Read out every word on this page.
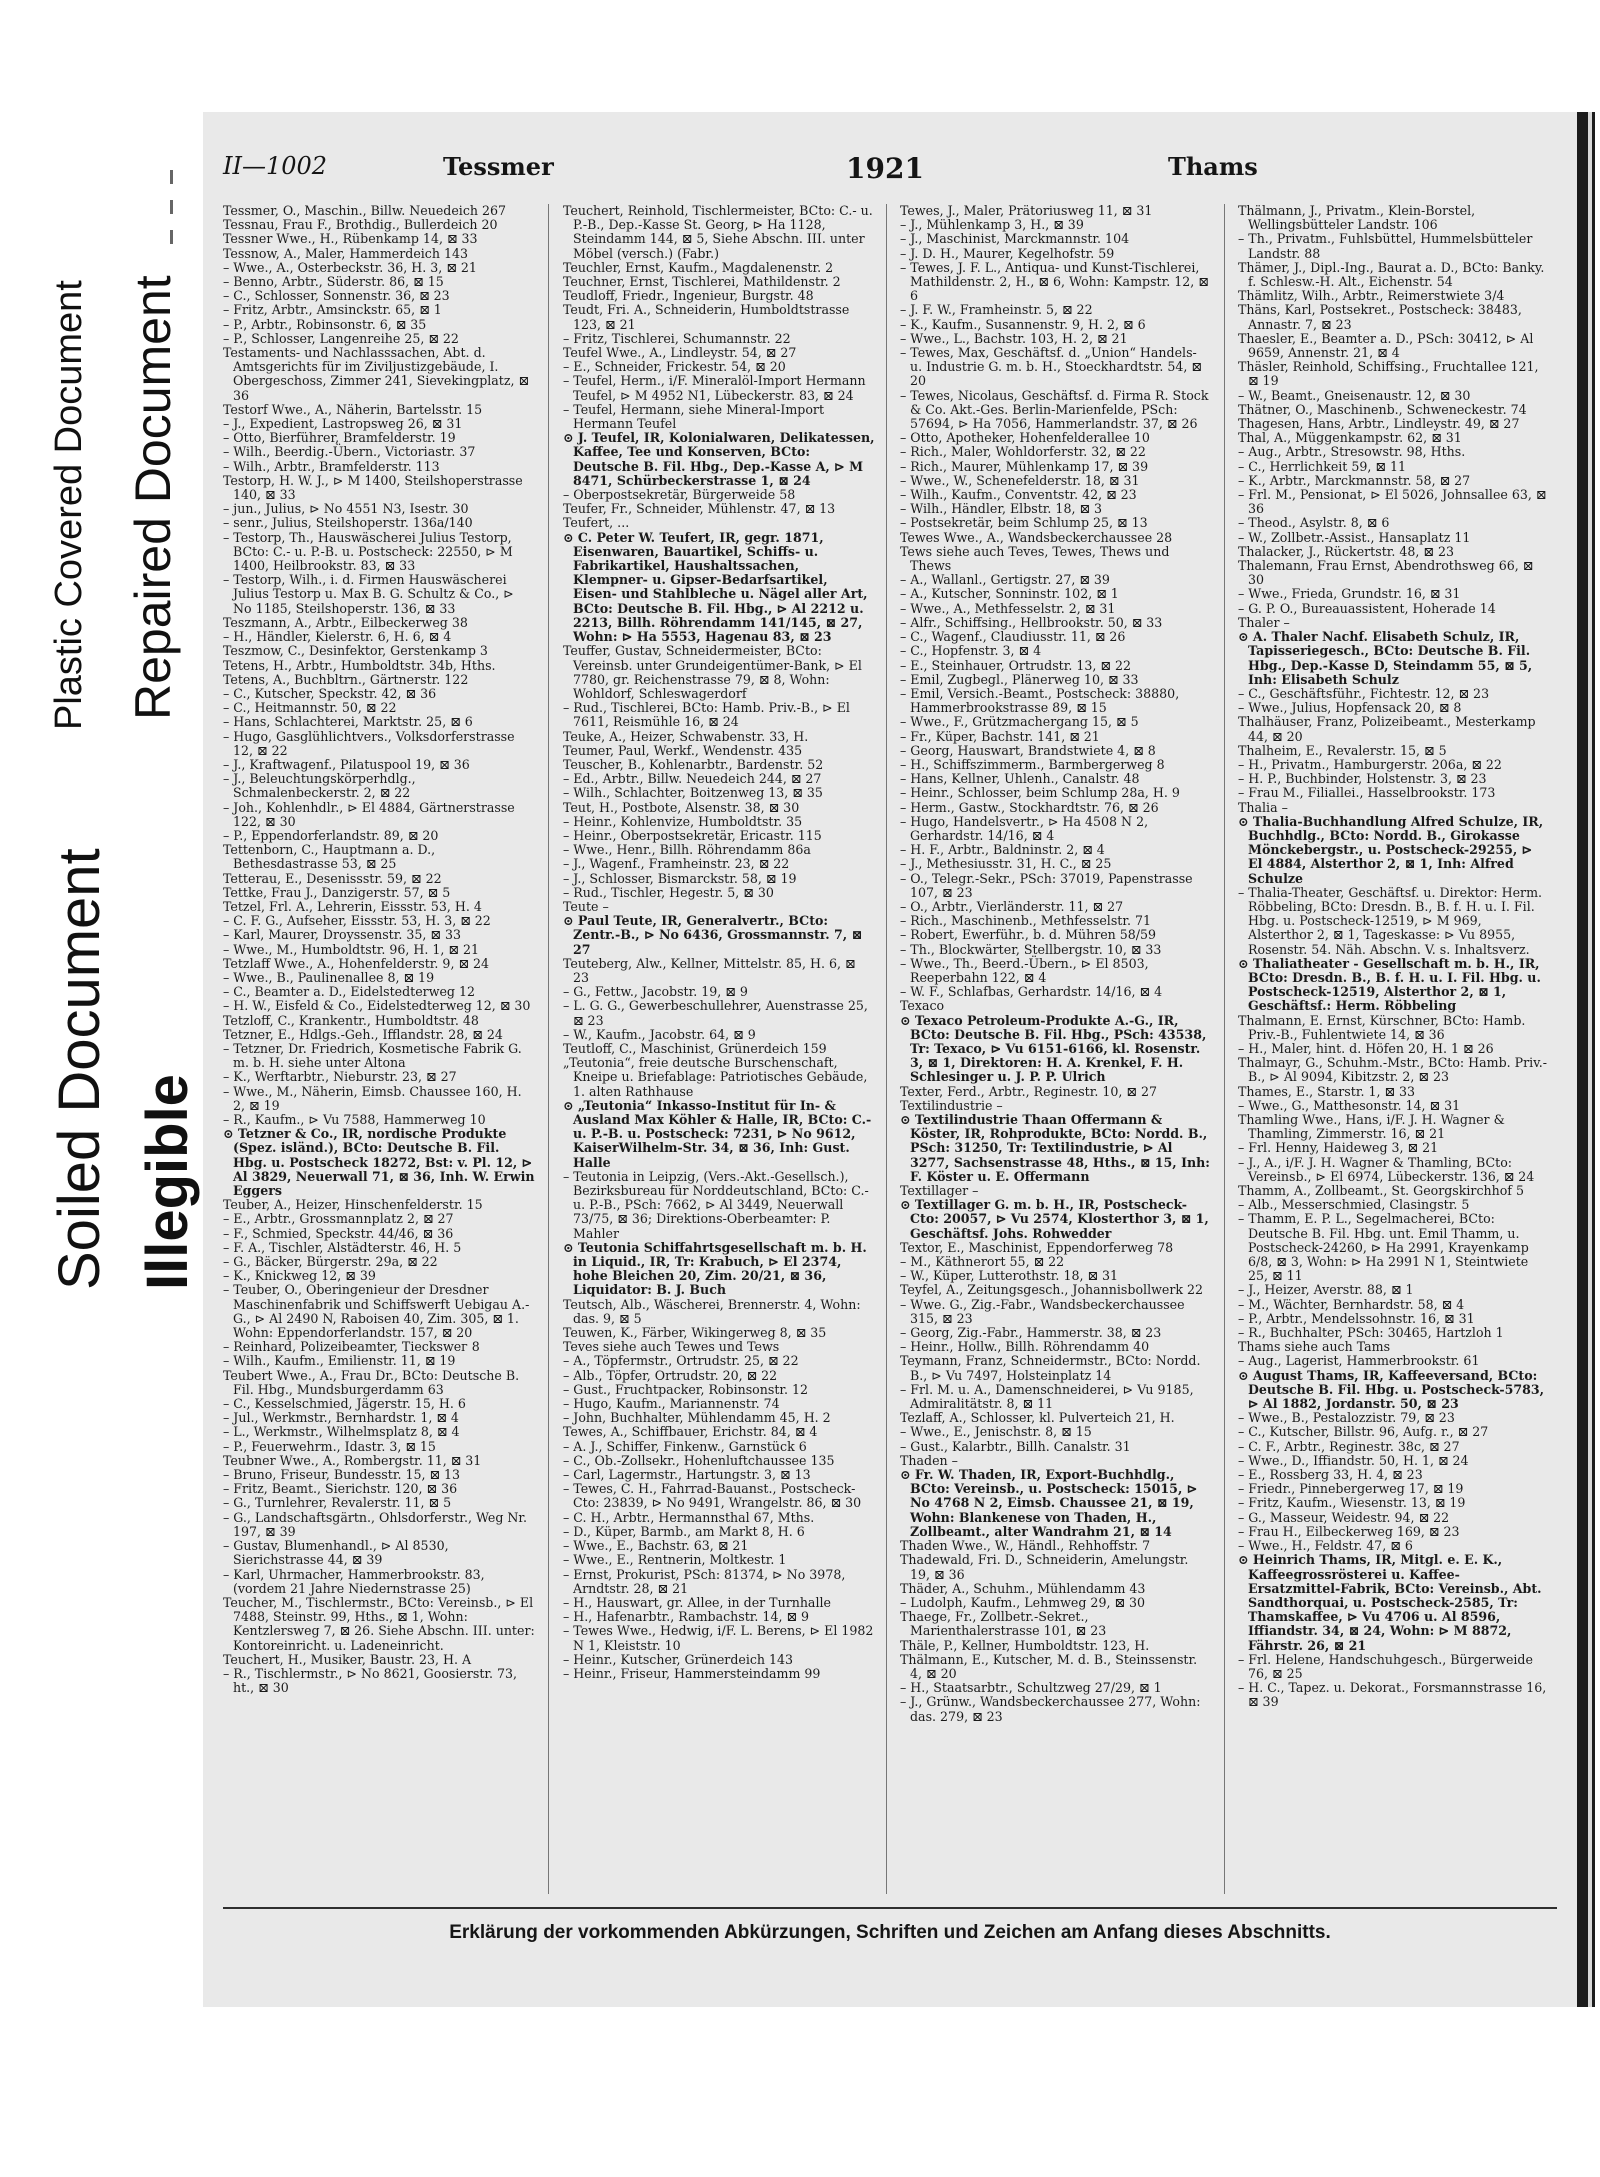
Soiled Document Illegible
Plastic Covered Document Repaired Document
II—1002	Tessmer	1921	Thams

Tessmer, O., Maschin., Billw. Neuedeich 267

Tessnau, Frau F., Brothdig., Bullerdeich 20

Tessner Wwe., H., Rübenkamp 14, ⊠ 33

Tessnow, A., Maler, Hammerdeich 143

– Wwe., A., Osterbeckstr. 36, H. 3, ⊠ 21

– Benno, Arbtr., Süderstr. 86, ⊠ 15

– C., Schlosser, Sonnenstr. 36, ⊠ 23

– Fritz, Arbtr., Amsinckstr. 65, ⊠ 1

– P., Arbtr., Robinsonstr. 6, ⊠ 35

– P., Schlosser, Langenreihe 25, ⊠ 22

Testaments- und Nachlasssachen, Abt. d. Amtsgerichts für im Ziviljustizgebäude, I. Obergeschoss, Zimmer 241, Sievekingplatz, ⊠ 36

Testorf Wwe., A., Näherin, Bartelsstr. 15

– J., Expedient, Lastropsweg 26, ⊠ 31

– Otto, Bierführer, Bramfelderstr. 19

– Wilh., Beerdig.-Übern., Victoriastr. 37

– Wilh., Arbtr., Bramfelderstr. 113

Testorp, H. W. J., ⊳ M 1400, Steilshoperstrasse 140, ⊠ 33

– jun., Julius, ⊳ No 4551 N3, Isestr. 30

– senr., Julius, Steilshoperstr. 136a/140

– Testorp, Th., Hauswäscherei Julius Testorp, BCto: C.- u. P.-B. u. Postscheck: 22550, ⊳ M 1400, Heilbrookstr. 83, ⊠ 33

– Testorp, Wilh., i. d. Firmen Hauswäscherei Julius Testorp u. Max B. G. Schultz & Co., ⊳ No 1185, Steilshoperstr. 136, ⊠ 33

Teszmann, A., Arbtr., Eilbeckerweg 38

– H., Händler, Kielerstr. 6, H. 6, ⊠ 4

Teszmow, C., Desinfektor, Gerstenkamp 3

Tetens, H., Arbtr., Humboldtstr. 34b, Hths.

Tetens, A., Buchbltrn., Gärtnerstr. 122

– C., Kutscher, Speckstr. 42, ⊠ 36

– C., Heitmannstr. 50, ⊠ 22

– Hans, Schlachterei, Marktstr. 25, ⊠ 6

– Hugo, Gasglühlichtvers., Volksdorferstrasse 12, ⊠ 22

– J., Kraftwagenf., Pilatuspool 19, ⊠ 36

– J., Beleuchtungskörperhdlg., Schmalenbeckerstr. 2, ⊠ 22

– Joh., Kohlenhdlr., ⊳ El 4884, Gärtnerstrasse 122, ⊠ 30

– P., Eppendorferlandstr. 89, ⊠ 20

Tettenborn, C., Hauptmann a. D., Bethesdastrasse 53, ⊠ 25

Tetterau, E., Desenissstr. 59, ⊠ 22

Tettke, Frau J., Danzigerstr. 57, ⊠ 5

Tetzel, Frl. A., Lehrerin, Eissstr. 53, H. 4

– C. F. G., Aufseher, Eissstr. 53, H. 3, ⊠ 22

– Karl, Maurer, Droyssenstr. 35, ⊠ 33

– Wwe., M., Humboldtstr. 96, H. 1, ⊠ 21

Tetzlaff Wwe., A., Hohenfelderstr. 9, ⊠ 24

– Wwe., B., Paulinenallee 8, ⊠ 19

– C., Beamter a. D., Eidelstedterweg 12

– H. W., Eisfeld & Co., Eidelstedterweg 12, ⊠ 30

Tetzloff, C., Krankentr., Humboldtstr. 48

Tetzner, E., Hdlgs.-Geh., Ifflandstr. 28, ⊠ 24

– Tetzner, Dr. Friedrich, Kosmetische Fabrik G. m. b. H. siehe unter Altona

– K., Werftarbtr., Nieburstr. 23, ⊠ 27

– Wwe., M., Näherin, Eimsb. Chaussee 160, H. 2, ⊠ 19

– R., Kaufm., ⊳ Vu 7588, Hammerweg 10

⊙ Tetzner & Co., IR, nordische Produkte (Spez. isländ.), BCto: Deutsche B. Fil. Hbg. u. Postscheck 18272, Bst: v. Pl. 12, ⊳ Al 3829, Neuerwall 71, ⊠ 36, Inh. W. Erwin Eggers

Teuber, A., Heizer, Hinschenfelderstr. 15

– E., Arbtr., Grossmannplatz 2, ⊠ 27

– F., Schmied, Speckstr. 44/46, ⊠ 36

– F. A., Tischler, Alstädterstr. 46, H. 5

– G., Bäcker, Bürgerstr. 29a, ⊠ 22

– K., Knickweg 12, ⊠ 39

– Teuber, O., Oberingenieur der Dresdner Maschinenfabrik und Schiffswerft Uebigau A.-G., ⊳ Al 2490 N, Raboisen 40, Zim. 305, ⊠ 1. Wohn: Eppendorferlandstr. 157, ⊠ 20

– Reinhard, Polizeibeamter, Tieckswег 8

– Wilh., Kaufm., Emilienstr. 11, ⊠ 19

Teubert Wwe., A., Frau Dr., BCto: Deutsche B. Fil. Hbg., Mundsburgerdamm 63

– C., Kesselschmied, Jägerstr. 15, H. 6

– Jul., Werkmstr., Bernhardstr. 1, ⊠ 4

– L., Werkmstr., Wilhelmsplatz 8, ⊠ 4

– P., Feuerwehrm., Idastr. 3, ⊠ 15

Teubner Wwe., A., Rombergstr. 11, ⊠ 31

– Bruno, Friseur, Bundesstr. 15, ⊠ 13

– Fritz, Beamt., Sierichstr. 120, ⊠ 36

– G., Turnlehrer, Revalerstr. 11, ⊠ 5

– G., Landschaftsgärtn., Ohlsdorferstr., Weg Nr. 197, ⊠ 39

– Gustav, Blumenhandl., ⊳ Al 8530, Sierichstrasse 44, ⊠ 39

– Karl, Uhrmacher, Hammerbrookstr. 83, (vordem 21 Jahre Niedernstrasse 25)

Teucher, M., Tischlermstr., BCto: Vereinsb., ⊳ El 7488, Steinstr. 99, Hths., ⊠ 1, Wohn: Kentzlersweg 7, ⊠ 26. Siehe Abschn. III. unter: Kontoreinricht. u. Ladeneinricht.

Teuchert, H., Musiker, Baustr. 23, H. A

– R., Tischlermstr., ⊳ No 8621, Goosierstr. 73, ht., ⊠ 30

Teuchert, Reinhold, Tischlermeister, BCto: C.- u. P.-B., Dep.-Kasse St. Georg, ⊳ Ha 1128, Steindamm 144, ⊠ 5, Siehe Abschn. III. unter Möbel (versch.) (Fabr.)

Teuchler, Ernst, Kaufm., Magdalenenstr. 2

Teuchner, Ernst, Tischlerei, Mathildenstr. 2

Teudloff, Friedr., Ingenieur, Burgstr. 48

Teudt, Fri. A., Schneiderin, Humboldtstrasse 123, ⊠ 21

– Fritz, Tischlerei, Schumannstr. 22

Teufel Wwe., A., Lindleystr. 54, ⊠ 27

– E., Schneider, Frickestr. 54, ⊠ 20

– Teufel, Herm., i/F. Mineralöl-Import Hermann Teufel, ⊳ M 4952 N1, Lübeckerstr. 83, ⊠ 24

– Teufel, Hermann, siehe Mineral-Import Hermann Teufel

⊙ J. Teufel, IR, Kolonialwaren, Delikatessen, Kaffee, Tee und Konserven, BCto: Deutsche B. Fil. Hbg., Dep.-Kasse A, ⊳ M 8471, Schürbeckerstrasse 1, ⊠ 24

– Oberpostsekretär, Bürgerweide 58

Teufer, Fr., Schneider, Mühlenstr. 47, ⊠ 13

Teufert, ...

⊙ C. Peter W. Teufert, IR, gegr. 1871, Eisenwaren, Bauartikel, Schiffs- u. Fabrikartikel, Haushaltssachen, Klempner- u. Gipser-Bedarfsartikel, Eisen- und Stahlbleche u. Nägel aller Art, BCto: Deutsche B. Fil. Hbg., ⊳ Al 2212 u. 2213, Billh. Röhrendamm 141/145, ⊠ 27, Wohn: ⊳ Ha 5553, Hagenau 83, ⊠ 23

Teuffer, Gustav, Schneidermeister, BCto: Vereinsb. unter Grundeigentümer-Bank, ⊳ El 7780, gr. Reichenstrasse 79, ⊠ 8, Wohn: Wohldorf, Schleswagerdorf

– Rud., Tischlerei, BCto: Hamb. Priv.-B., ⊳ El 7611, Reismühle 16, ⊠ 24

Teuke, A., Heizer, Schwabenstr. 33, H.

Teumer, Paul, Werkf., Wendenstr. 435

Teuscher, B., Kohlenarbtr., Bardenstr. 52

– Ed., Arbtr., Billw. Neuedeich 244, ⊠ 27

– Wilh., Schlachter, Boitzenweg 13, ⊠ 35

Teut, H., Postbote, Alsenstr. 38, ⊠ 30

– Heinr., Kohlenvize, Humboldtstr. 35

– Heinr., Oberpostsekretär, Ericastr. 115

– Wwe., Henr., Billh. Röhrendamm 86a

– J., Wagenf., Framheinstr. 23, ⊠ 22

– J., Schlosser, Bismarckstr. 58, ⊠ 19

– Rud., Tischler, Hegestr. 5, ⊠ 30

Teute –

⊙ Paul Teute, IR, Generalvertr., BCto: Zentr.-B., ⊳ No 6436, Grossmannstr. 7, ⊠ 27

Teuteberg, Alw., Kellner, Mittelstr. 85, H. 6, ⊠ 23

– G., Fettw., Jacobstr. 19, ⊠ 9

– L. G. G., Gewerbeschullehrer, Auenstrasse 25, ⊠ 23

– W., Kaufm., Jacobstr. 64, ⊠ 9

Teutloff, C., Maschinist, Grünerdeich 159

„Teutonia“, freie deutsche Burschenschaft, Kneipe u. Briefablage: Patriotisches Gebäude, 1. alten Rathhause

⊙ „Teutonia“ Inkasso-Institut für In- & Ausland Max Köhler & Halle, IR, BCto: C.- u. P.-B. u. Postscheck: 7231, ⊳ No 9612, KaiserWilhelm-Str. 34, ⊠ 36, Inh: Gust. Halle

– Teutonia in Leipzig, (Vers.-Akt.-Gesellsch.), Bezirksbureau für Norddeutschland, BCto: C.- u. P.-B., PSch: 7662, ⊳ Al 3449, Neuerwall 73/75, ⊠ 36; Direktions-Oberbeamter: P. Mahler

⊙ Teutonia Schiffahrtsgesellschaft m. b. H. in Liquid., IR, Tr: Krabuch, ⊳ El 2374, hohe Bleichen 20, Zim. 20/21, ⊠ 36, Liquidator: B. J. Buch

Teutsch, Alb., Wäscherei, Brennerstr. 4, Wohn: das. 9, ⊠ 5

Teuwen, K., Färber, Wikingerweg 8, ⊠ 35

Teves siehe auch Tewes und Tews

– A., Töpfermstr., Ortrudstr. 25, ⊠ 22

– Alb., Töpfer, Ortrudstr. 20, ⊠ 22

– Gust., Fruchtpacker, Robinsonstr. 12

– Hugo, Kaufm., Mariannenstr. 74

– John, Buchhalter, Mühlendamm 45, H. 2

Tewes, A., Schiffbauer, Erichstr. 84, ⊠ 4

– A. J., Schiffer, Finkenw., Garnstück 6

– C., Ob.-Zollsekr., Hohenluftchaussee 135

– Carl, Lagermstr., Hartungstr. 3, ⊠ 13

– Tewes, C. H., Fahrrad-Bauanst., Postscheck-Cto: 23839, ⊳ No 9491, Wrangelstr. 86, ⊠ 30

– C. H., Arbtr., Hermannsthal 67, Mths.

– D., Küper, Barmb., am Markt 8, H. 6

– Wwe., E., Bachstr. 63, ⊠ 21

– Wwe., E., Rentnerin, Moltkestr. 1

– Ernst, Prokurist, PSch: 81374, ⊳ No 3978, Arndtstr. 28, ⊠ 21

– H., Hauswart, gr. Allee, in der Turnhalle

– H., Hafenarbtr., Rambachstr. 14, ⊠ 9

– Tewes Wwe., Hedwig, i/F. L. Berens, ⊳ El 1982 N 1, Kleiststr. 10

– Heinr., Kutscher, Grünerdeich 143

– Heinr., Friseur, Hammersteindamm 99

Tewes, J., Maler, Prätoriusweg 11, ⊠ 31

– J., Mühlenkamp 3, H., ⊠ 39

– J., Maschinist, Marckmannstr. 104

– J. D. H., Maurer, Kegelhofstr. 59

– Tewes, J. F. L., Antiqua- und Kunst-Tischlerei, Mathildenstr. 2, H., ⊠ 6, Wohn: Kampstr. 12, ⊠ 6

– J. F. W., Framheinstr. 5, ⊠ 22

– K., Kaufm., Susannenstr. 9, H. 2, ⊠ 6

– Wwe., L., Bachstr. 103, H. 2, ⊠ 21

– Tewes, Max, Geschäftsf. d. „Union“ Handels- u. Industrie G. m. b. H., Stoeckhardtstr. 54, ⊠ 20

– Tewes, Nicolaus, Geschäftsf. d. Firma R. Stock & Co. Akt.-Ges. Berlin-Marienfelde, PSch: 57694, ⊳ Ha 7056, Hammerlandstr. 37, ⊠ 26

– Otto, Apotheker, Hohenfelderallee 10

– Rich., Maler, Wohldorferstr. 32, ⊠ 22

– Rich., Maurer, Mühlenkamp 17, ⊠ 39

– Wwe., W., Schenefelderstr. 18, ⊠ 31

– Wilh., Kaufm., Conventstr. 42, ⊠ 23

– Wilh., Händler, Elbstr. 18, ⊠ 3

– Postsekretär, beim Schlump 25, ⊠ 13

Tewes Wwe., A., Wandsbeckerchaussee 28

Tews siehe auch Teves, Tewes, Thews und Thews

– A., Wallanl., Gertigstr. 27, ⊠ 39

– A., Kutscher, Sonninstr. 102, ⊠ 1

– Wwe., A., Methfesselstr. 2, ⊠ 31

– Alfr., Schiffsing., Hellbrookstr. 50, ⊠ 33

– C., Wagenf., Claudiusstr. 11, ⊠ 26

– C., Hopfenstr. 3, ⊠ 4

– E., Steinhauer, Ortrudstr. 13, ⊠ 22

– Emil, Zugbegl., Plänerweg 10, ⊠ 33

– Emil, Versich.-Beamt., Postscheck: 38880, Hammerbrookstrasse 89, ⊠ 15

– Wwe., F., Grützmachergang 15, ⊠ 5

– Fr., Küper, Bachstr. 141, ⊠ 21

– Georg, Hauswart, Brandstwiete 4, ⊠ 8

– H., Schiffszimmerm., Barmbergerweg 8

– Hans, Kellner, Uhlenh., Canalstr. 48

– Heinr., Schlosser, beim Schlump 28a, H. 9

– Herm., Gastw., Stockhardtstr. 76, ⊠ 26

– Hugo, Handelsvertr., ⊳ Ha 4508 N 2, Gerhardstr. 14/16, ⊠ 4

– H. F., Arbtr., Baldninstr. 2, ⊠ 4

– J., Methesiusstr. 31, H. C., ⊠ 25

– O., Telegr.-Sekr., PSch: 37019, Papenstrasse 107, ⊠ 23

– O., Arbtr., Vierländerstr. 11, ⊠ 27

– Rich., Maschinenb., Methfesselstr. 71

– Robert, Ewerführ., b. d. Mühren 58/59

– Th., Blockwärter, Stellbergstr. 10, ⊠ 33

– Wwe., Th., Beerd.-Übern., ⊳ El 8503, Reeperbahn 122, ⊠ 4

– W. F., Schlafbas, Gerhardstr. 14/16, ⊠ 4

Texaco

⊙ Texaco Petroleum-Produkte A.-G., IR, BCto: Deutsche B. Fil. Hbg., PSch: 43538, Tr: Texaco, ⊳ Vu 6151-6166, kl. Rosenstr. 3, ⊠ 1, Direktoren: H. A. Krenkel, F. H. Schlesinger u. J. P. P. Ulrich

Texter, Ferd., Arbtr., Reginestr. 10, ⊠ 27

Textilindustrie –

⊙ Textilindustrie Thaan Offermann & Köster, IR, Rohprodukte, BCto: Nordd. B., PSch: 31250, Tr: Textilindustrie, ⊳ Al 3277, Sachsenstrasse 48, Hths., ⊠ 15, Inh: F. Köster u. E. Offermann

Textillager –

⊙ Textillager G. m. b. H., IR, Postscheck-Cto: 20057, ⊳ Vu 2574, Klosterthor 3, ⊠ 1, Geschäftsf. Johs. Rohwedder

Textor, E., Maschinist, Eppendorferweg 78

– M., Käthnerort 55, ⊠ 22

– W., Küper, Lutterothstr. 18, ⊠ 31

Teyfel, A., Zeitungsgesch., Johannisbollwerk 22

– Wwe. G., Zig.-Fabr., Wandsbeckerchaussee 315, ⊠ 23

– Georg, Zig.-Fabr., Hammerstr. 38, ⊠ 23

– Heinr., Hollw., Billh. Röhrendamm 40

Teymann, Franz, Schneidermstr., BCto: Nordd. B., ⊳ Vu 7497, Holsteinplatz 14

– Frl. M. u. A., Damenschneiderei, ⊳ Vu 9185, Admiralitätstr. 8, ⊠ 11

Tezlaff, A., Schlosser, kl. Pulverteich 21, H.

– Wwe., E., Jenischstr. 8, ⊠ 15

– Gust., Kalarbtr., Billh. Canalstr. 31

Thaden –

⊙ Fr. W. Thaden, IR, Export-Buchhdlg., BCto: Vereinsb., u. Postscheck: 15015, ⊳ No 4768 N 2, Eimsb. Chaussee 21, ⊠ 19, Wohn: Blankenese von Thaden, H., Zollbeamt., alter Wandrahm 21, ⊠ 14

Thaden Wwe., W., Händl., Rehhoffstr. 7

Thadewald, Fri. D., Schneiderin, Amelungstr. 19, ⊠ 36

Thäder, A., Schuhm., Mühlendamm 43

– Ludolph, Kaufm., Lehmweg 29, ⊠ 30

Thaege, Fr., Zollbetr.-Sekret., Marienthalerstrasse 101, ⊠ 23

Thäle, P., Kellner, Humboldtstr. 123, H.

Thälmann, E., Kutscher, M. d. B., Steinssenstr. 4, ⊠ 20

– H., Staatsarbtr., Schultzweg 27/29, ⊠ 1

– J., Grünw., Wandsbeckerchaussee 277, Wohn: das. 279, ⊠ 23

Thälmann, J., Privatm., Klein-Borstel, Wellingsbütteler Landstr. 106

– Th., Privatm., Fuhlsbüttel, Hummelsbütteler Landstr. 88

Thämer, J., Dipl.-Ing., Baurat a. D., BCto: Banky. f. Schlesw.-H. Alt., Eichenstr. 54

Thämlitz, Wilh., Arbtr., Reimerstwiete 3/4

Thäns, Karl, Postsekret., Postscheck: 38483, Annastr. 7, ⊠ 23

Thaesler, E., Beamter a. D., PSch: 30412, ⊳ Al 9659, Annenstr. 21, ⊠ 4

Thäsler, Reinhold, Schiffsing., Fruchtallee 121, ⊠ 19

– W., Beamt., Gneisenaustr. 12, ⊠ 30

Thätner, O., Maschinenb., Schweneckestr. 74

Thagesen, Hans, Arbtr., Lindleystr. 49, ⊠ 27

Thal, A., Müggenkampstr. 62, ⊠ 31

– Aug., Arbtr., Stresowstr. 98, Hths.

– C., Herrlichkeit 59, ⊠ 11

– K., Arbtr., Marckmannstr. 58, ⊠ 27

– Frl. M., Pensionat, ⊳ El 5026, Johnsallee 63, ⊠ 36

– Theod., Asylstr. 8, ⊠ 6

– W., Zollbetr.-Assist., Hansaplatz 11

Thalacker, J., Rückertstr. 48, ⊠ 23

Thalemann, Frau Ernst, Abendrothsweg 66, ⊠ 30

– Wwe., Frieda, Grundstr. 16, ⊠ 31

– G. P. O., Bureauassistent, Hoherade 14

Thaler –

⊙ A. Thaler Nachf. Elisabeth Schulz, IR, Tapisseriegesch., BCto: Deutsche B. Fil. Hbg., Dep.-Kasse D, Steindamm 55, ⊠ 5, Inh: Elisabeth Schulz

– C., Geschäftsführ., Fichtestr. 12, ⊠ 23

– Wwe., Julius, Hopfensack 20, ⊠ 8

Thalhäuser, Franz, Polizeibeamt., Mesterkamp 44, ⊠ 20

Thalheim, E., Revalerstr. 15, ⊠ 5

– H., Privatm., Hamburgerstr. 206a, ⊠ 22

– H. P., Buchbinder, Holstenstr. 3, ⊠ 23

– Frau M., Filiallei., Hasselbrookstr. 173

Thalia –

⊙ Thalia-Buchhandlung Alfred Schulze, IR, Buchhdlg., BCto: Nordd. B., Girokasse Mönckebergstr., u. Postscheck-29255, ⊳ El 4884, Alsterthor 2, ⊠ 1, Inh: Alfred Schulze

– Thalia-Theater, Geschäftsf. u. Direktor: Herm. Röbbeling, BCto: Dresdn. B., B. f. H. u. I. Fil. Hbg. u. Postscheck-12519, ⊳ M 969, Alsterthor 2, ⊠ 1, Tageskasse: ⊳ Vu 8955, Rosenstr. 54. Näh. Abschn. V. s. Inhaltsverz.

⊙ Thaliatheater - Gesellschaft m. b. H., IR, BCto: Dresdn. B., B. f. H. u. I. Fil. Hbg. u. Postscheck-12519, Alsterthor 2, ⊠ 1, Geschäftsf.: Herm. Röbbeling

Thalmann, E. Ernst, Kürschner, BCto: Hamb. Priv.-B., Fuhlentwiete 14, ⊠ 36

– H., Maler, hint. d. Höfen 20, H. 1 ⊠ 26

Thalmayr, G., Schuhm.-Mstr., BCto: Hamb. Priv.-B., ⊳ Al 9094, Kibitzstr. 2, ⊠ 23

Thames, E., Starstr. 1, ⊠ 33

– Wwe., G., Matthesonstr. 14, ⊠ 31

Thamling Wwe., Hans, i/F. J. H. Wagner & Thamling, Zimmerstr. 16, ⊠ 21

– Frl. Henny, Haideweg 3, ⊠ 21

– J., A., i/F. J. H. Wagner & Thamling, BCto: Vereinsb., ⊳ El 6974, Lübeckerstr. 136, ⊠ 24

Thamm, A., Zollbeamt., St. Georgskirchhof 5

– Alb., Messerschmied, Clasingstr. 5

– Thamm, E. P. L., Segelmacherei, BCto: Deutsche B. Fil. Hbg. unt. Emil Thamm, u. Postscheck-24260, ⊳ Ha 2991, Krayenkamp 6/8, ⊠ 3, Wohn: ⊳ Ha 2991 N 1, Steintwiete 25, ⊠ 11

– J., Heizer, Averstr. 88, ⊠ 1

– M., Wächter, Bernhardstr. 58, ⊠ 4

– P., Arbtr., Mendelssohnstr. 16, ⊠ 31

– R., Buchhalter, PSch: 30465, Hartzloh 1

Thams siehe auch Tams

– Aug., Lagerist, Hammerbrookstr. 61

⊙ August Thams, IR, Kaffeeversand, BCto: Deutsche B. Fil. Hbg. u. Postscheck-5783, ⊳ Al 1882, Jordanstr. 50, ⊠ 23

– Wwe., B., Pestalozzistr. 79, ⊠ 23

– C., Kutscher, Billstr. 96, Aufg. r., ⊠ 27

– C. F., Arbtr., Reginestr. 38c, ⊠ 27

– Wwe., D., Iffiandstr. 50, H. 1, ⊠ 24

– E., Rossberg 33, H. 4, ⊠ 23

– Friedr., Pinnebergerweg 17, ⊠ 19

– Fritz, Kaufm., Wiesenstr. 13, ⊠ 19

– G., Masseur, Weidestr. 94, ⊠ 22

– Frau H., Eilbeckerweg 169, ⊠ 23

– Wwe., H., Feldstr. 47, ⊠ 6

⊙ Heinrich Thams, IR, Mitgl. e. E. K., Kaffeegrossrösterei u. Kaffee-Ersatzmittel-Fabrik, BCto: Vereinsb., Abt. Sandthorquai, u. Postscheck-2585, Tr: Thamskaffee, ⊳ Vu 4706 u. Al 8596, Iffiandstr. 34, ⊠ 24, Wohn: ⊳ M 8872, Fährstr. 26, ⊠ 21

– Frl. Helene, Handschuhgesch., Bürgerweide 76, ⊠ 25

– H. C., Tapez. u. Dekorat., Forsmannstrasse 16, ⊠ 39

Erklärung der vorkommenden Abkürzungen, Schriften und Zeichen am Anfang dieses Abschnitts.
